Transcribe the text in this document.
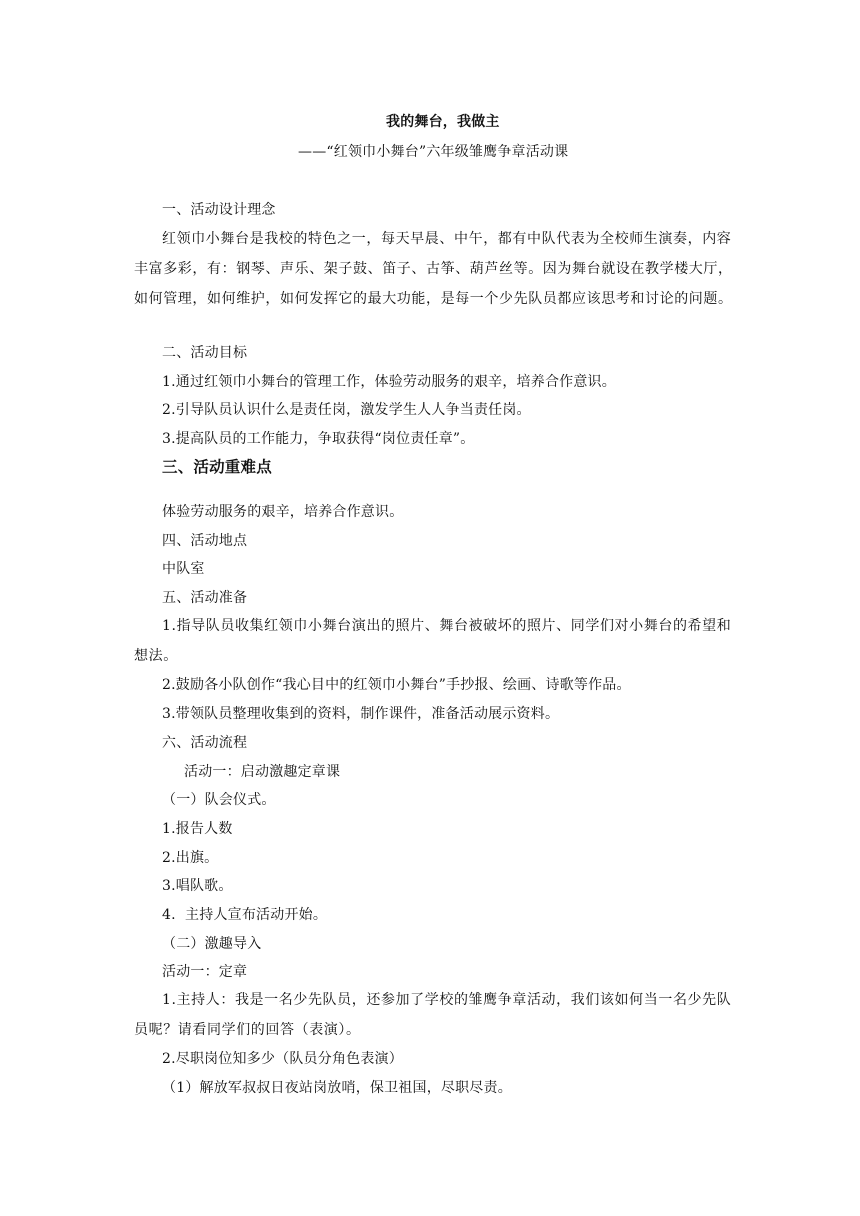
我的舞台，我做主
——“红领巾小舞台”六年级雏鹰争章活动课
一、活动设计理念
红领巾小舞台是我校的特色之一，每天早晨、中午，都有中队代表为全校师生演奏，内容丰富多彩，有：钢琴、声乐、架子鼓、笛子、古筝、葫芦丝等。因为舞台就设在教学楼大厅，如何管理，如何维护，如何发挥它的最大功能，是每一个少先队员都应该思考和讨论的问题。
二、活动目标
1.通过红领巾小舞台的管理工作，体验劳动服务的艰辛，培养合作意识。
2.引导队员认识什么是责任岗，激发学生人人争当责任岗。
3.提高队员的工作能力，争取获得“岗位责任章”。
三、活动重难点
体验劳动服务的艰辛，培养合作意识。
四、活动地点
中队室
五、活动准备
1.指导队员收集红领巾小舞台演出的照片、舞台被破坏的照片、同学们对小舞台的希望和想法。
2.鼓励各小队创作“我心目中的红领巾小舞台”手抄报、绘画、诗歌等作品。
3.带领队员整理收集到的资料，制作课件，准备活动展示资料。
六、活动流程
活动一：启动激趣定章课
（一）队会仪式。
1.报告人数
2.出旗。
3.唱队歌。
4.  主持人宣布活动开始。
（二）激趣导入
活动一：定章
1.主持人：我是一名少先队员，还参加了学校的雏鹰争章活动，我们该如何当一名少先队员呢？请看同学们的回答（表演）。
2.尽职岗位知多少（队员分角色表演）
（1）解放军叔叔日夜站岗放哨，保卫祖国，尽职尽责。
